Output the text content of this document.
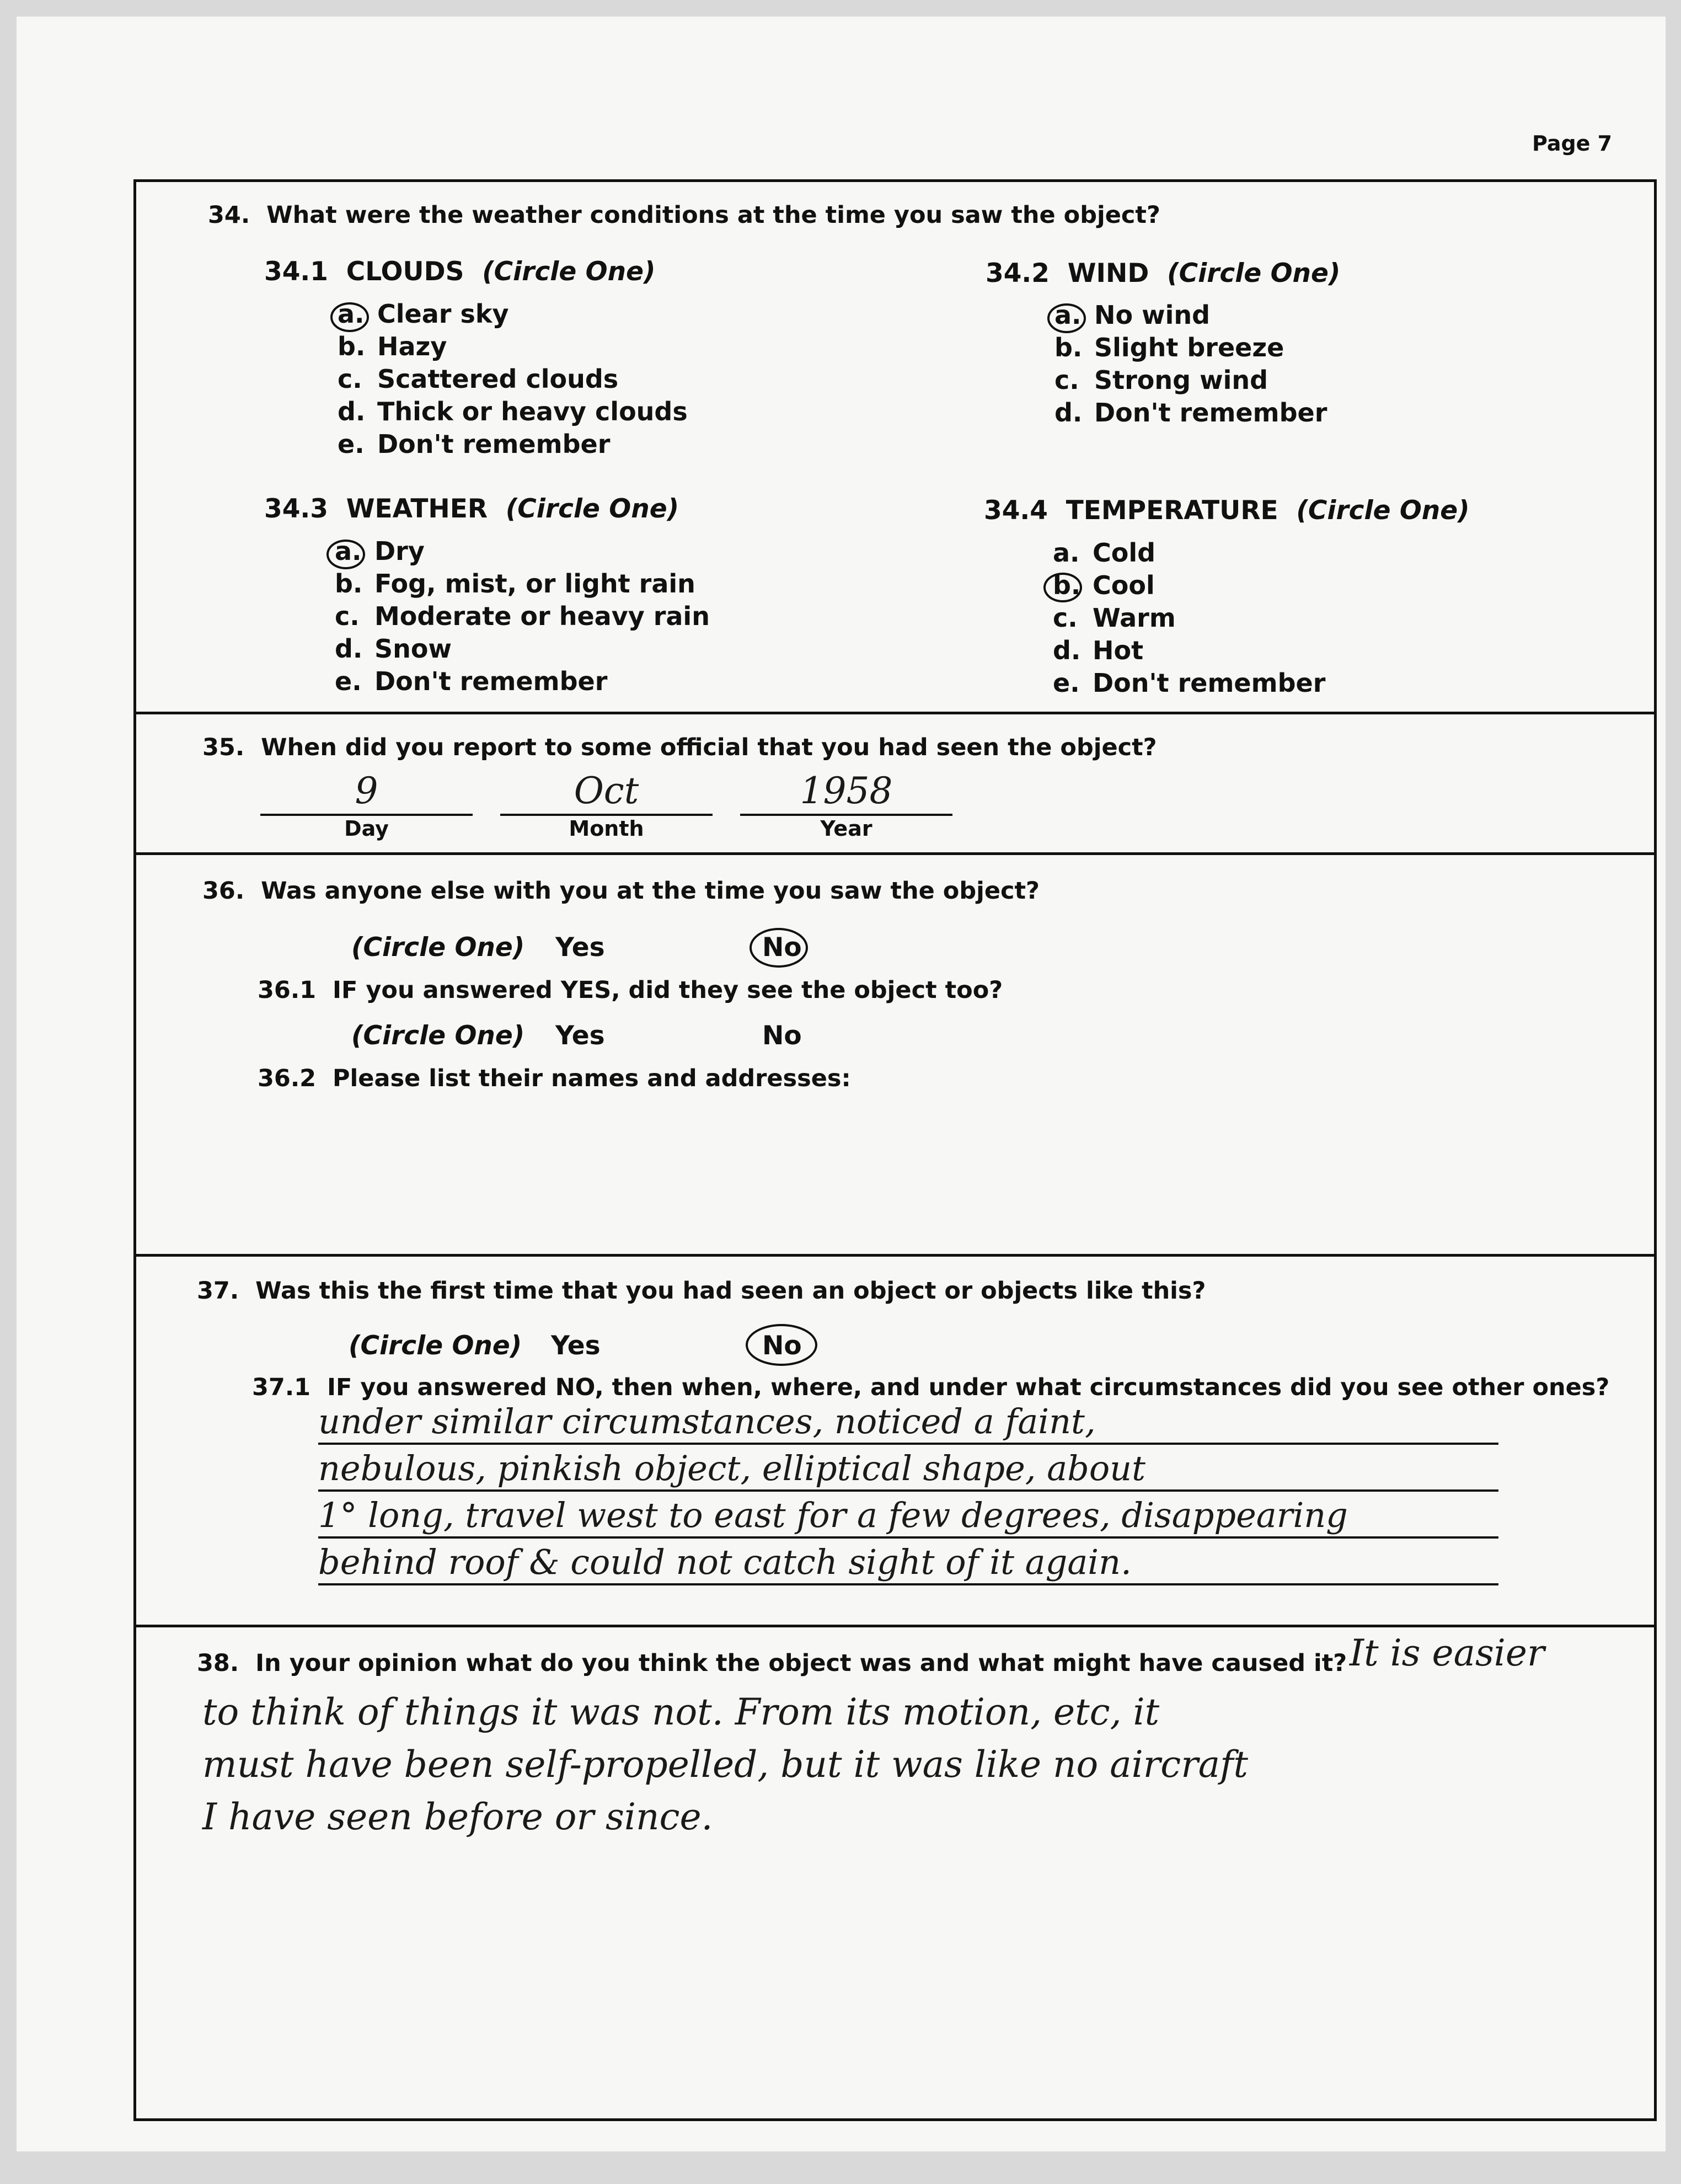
Page 7
34. What were the weather conditions at the time you saw the object?
34.1 CLOUDS (Circle One)
a. Clear sky
b. Hazy
c. Scattered clouds
d. Thick or heavy clouds
e. Don't remember
34.2 WIND (Circle One)
a. No wind
b. Slight breeze
c. Strong wind
d. Don't remember
34.3 WEATHER (Circle One)
a. Dry
b. Fog, mist, or light rain
c. Moderate or heavy rain
d. Snow
e. Don't remember
34.4 TEMPERATURE (Circle One)
a. Cold
b. Cool
c. Warm
d. Hot
e. Don't remember
35. When did you report to some official that you had seen the object?
9
Day
Oct
Month
1958
Year
36. Was anyone else with you at the time you saw the object?
(Circle One) Yes	No
36.1 IF you answered YES, did they see the object too?
(Circle One) Yes	No
36.2 Please list their names and addresses:
37. Was this the first time that you had seen an object or objects like this?
(Circle One) Yes	No
37.1 IF you answered NO, then when, where, and under what circumstances did you see other ones?
under similar circumstances, noticed a faint,
nebulous, pinkish object, elliptical shape, about
1° long, travel west to east for a few degrees, disappearing
behind roof & could not catch sight of it again.
38. In your opinion what do you think the object was and what might have caused it? It is easier
to think of things it was not. From its motion, etc, it
must have been self-propelled, but it was like no aircraft
I have seen before or since.
